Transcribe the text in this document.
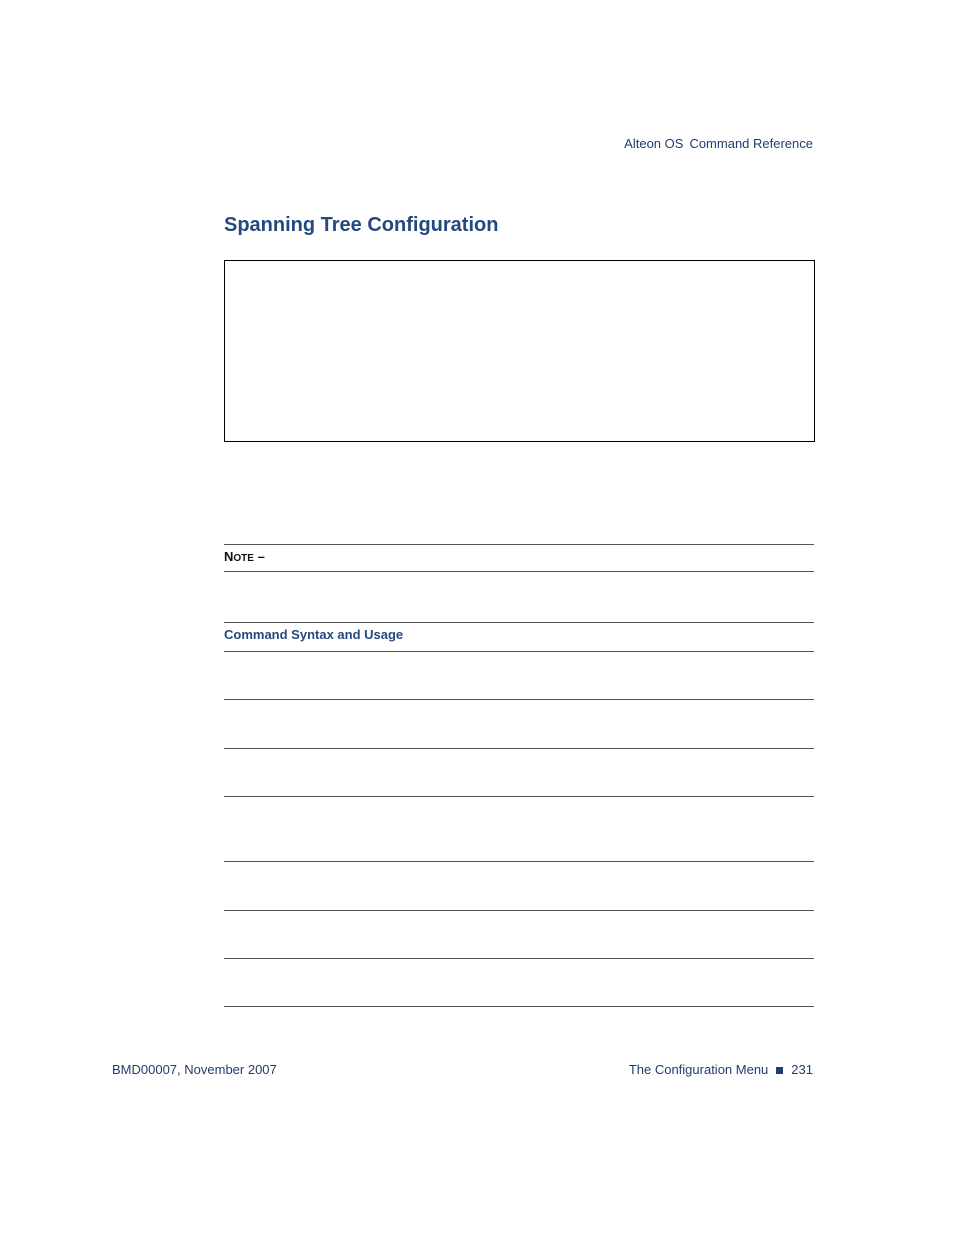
Alteon OS Command Reference
Spanning Tree Configuration
NOTE –
Command Syntax and Usage
BMD00007, November 2007	The Configuration Menu 231
